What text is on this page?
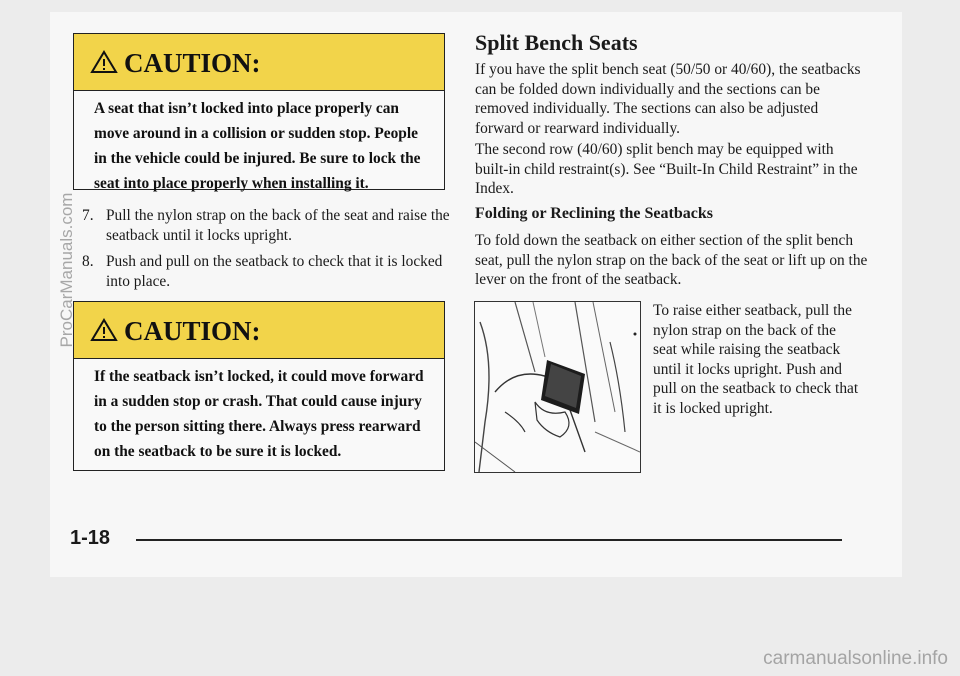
CAUTION:
A seat that isn’t locked into place properly can move around in a collision or sudden stop. People in the vehicle could be injured. Be sure to lock the seat into place properly when installing it.
7. Pull the nylon strap on the back of the seat and raise the seatback until it locks upright.
8. Push and pull on the seatback to check that it is locked into place.
CAUTION:
If the seatback isn’t locked, it could move forward in a sudden stop or crash. That could cause injury to the person sitting there. Always press rearward on the seatback to be sure it is locked.
Split Bench Seats
If you have the split bench seat (50/50 or 40/60), the seatbacks can be folded down individually and the sections can be removed individually. The sections can also be adjusted forward or rearward individually.
The second row (40/60) split bench may be equipped with built-in child restraint(s). See “Built-In Child Restraint” in the Index.
Folding or Reclining the Seatbacks
To fold down the seatback on either section of the split bench seat, pull the nylon strap on the back of the seat or lift up on the lever on the front of the seatback.
To raise either seatback, pull the nylon strap on the back of the seat while raising the seatback until it locks upright. Push and pull on the seatback to check that it is locked upright.
1-18
ProCarManuals.com
carmanualsonline.info
